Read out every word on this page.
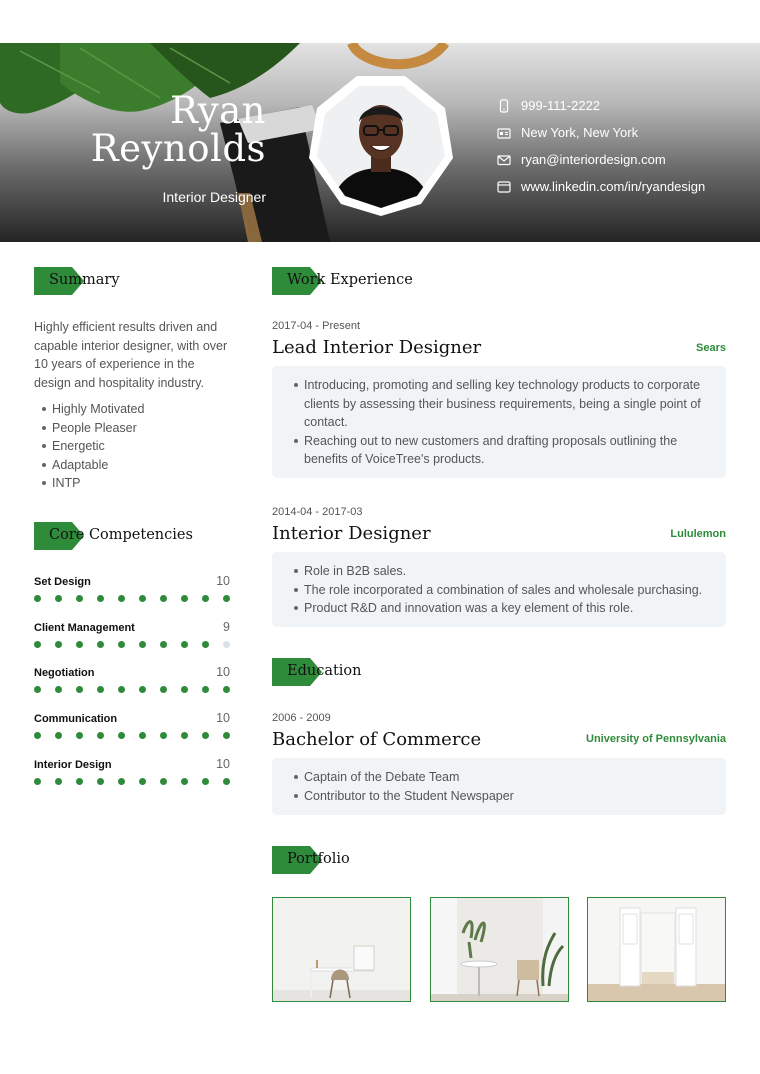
Ryan
Reynolds
Interior Designer
999-111-2222
New York, New York
ryan@interiordesign.com
www.linkedin.com/in/ryandesign
Summary
Highly efficient results driven and capable interior designer, with over 10 years of experience in the design and hospitality industry.
Highly Motivated
People Pleaser
Energetic
Adaptable
INTP
Core Competencies
Set Design	10
Client Management	9
Negotiation	10
Communication	10
Interior Design	10
Work Experience
2017-04 - Present
Lead Interior Designer	Sears
Introducing, promoting and selling key technology products to corporate clients by assessing their business requirements, being a single point of contact.
Reaching out to new customers and drafting proposals outlining the benefits of VoiceTree's products.
2014-04 - 2017-03
Interior Designer	Lululemon
Role in B2B sales.
The role incorporated a combination of sales and wholesale purchasing.
Product R&D and innovation was a key element of this role.
Education
2006 - 2009
Bachelor of Commerce	University of Pennsylvania
Captain of the Debate Team
Contributor to the Student Newspaper
Portfolio
